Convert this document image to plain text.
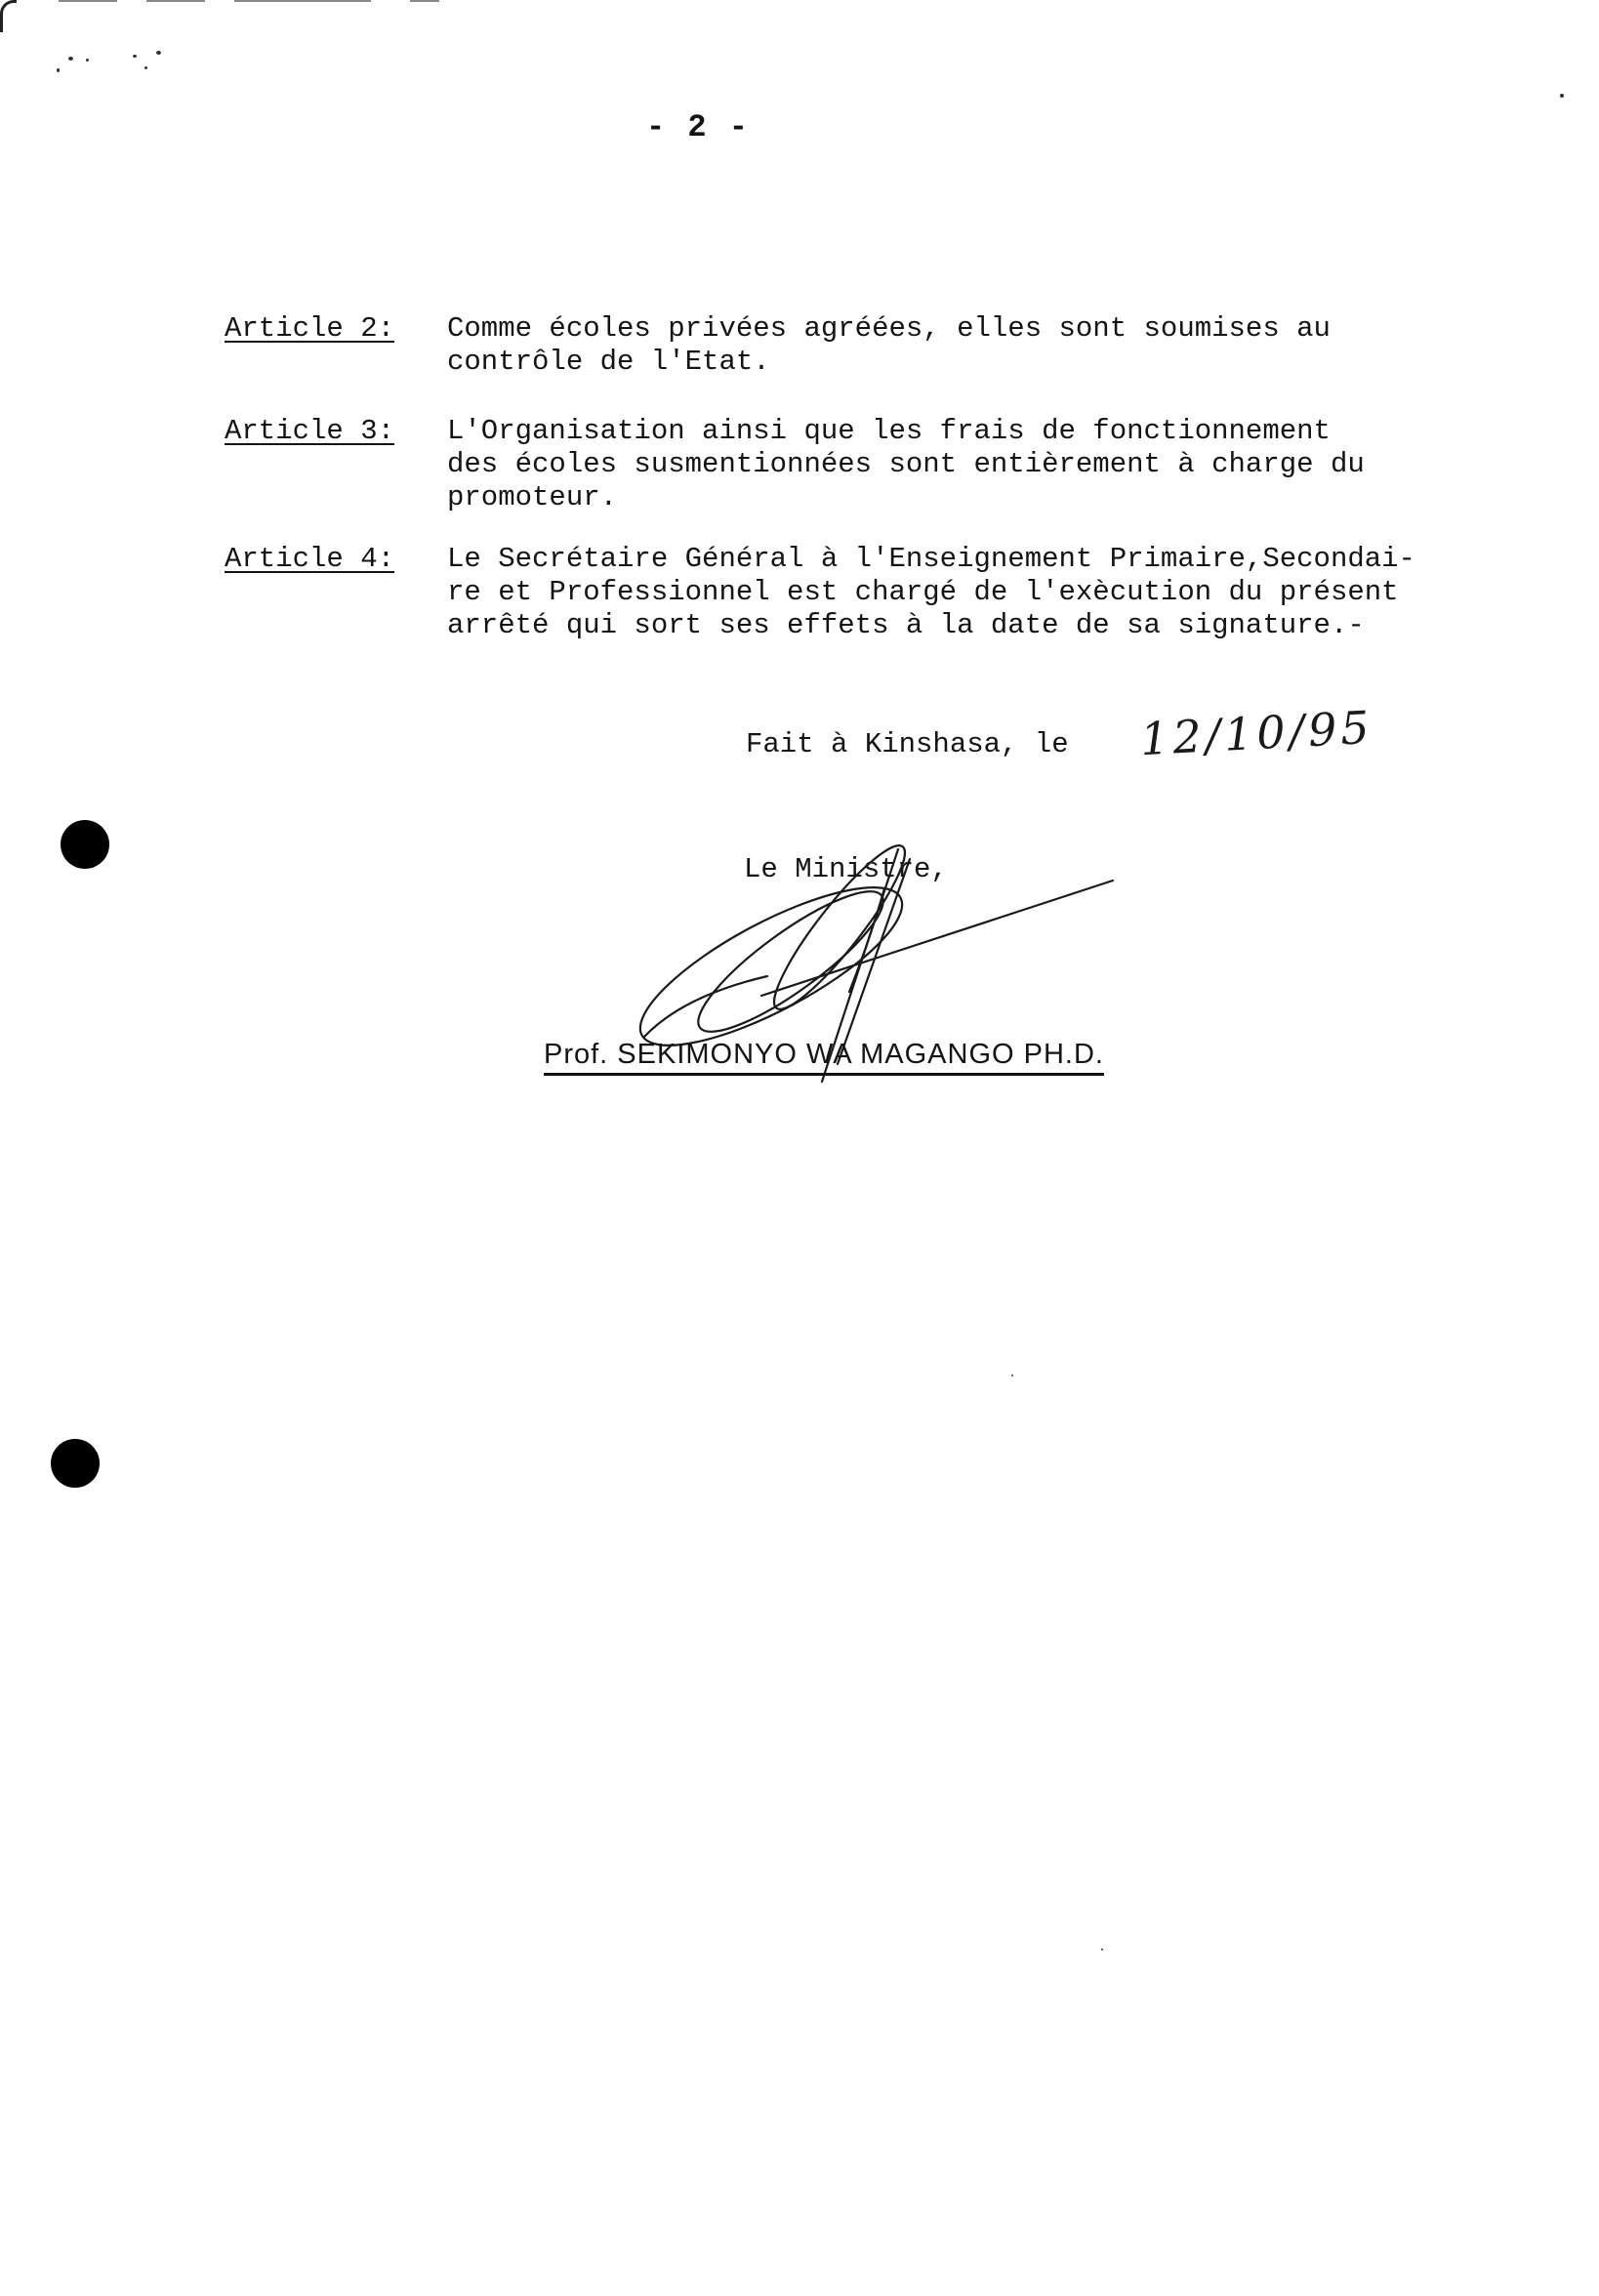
- 2 -
Article 2: Comme écoles privées agréées, elles sont soumises au
contrôle de l'Etat.
Article 3: L'Organisation ainsi que les frais de fonctionnement
des écoles susmentionnées sont entièrement à charge du
promoteur.
Article 4: Le Secrétaire Général à l'Enseignement Primaire,Secondai-
re et Professionnel est chargé de l'exècution du présent
arrêté qui sort ses effets à la date de sa signature.-
Fait à Kinshasa, le 12/10/95
Le Ministre,
Prof. SEKIMONYO WA MAGANGO PH.D.
